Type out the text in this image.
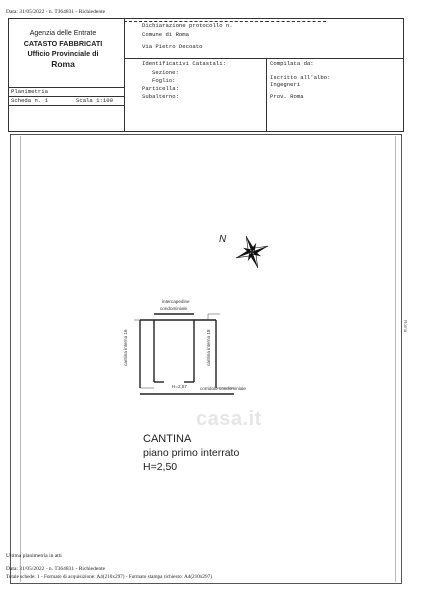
Data: 31/05/2022 - n. T364831 - Richiedente
Agenzia delle Entrate
CATASTO FABBRICATI
Ufficio Provinciale di
Roma
Dichiarazione protocollo n.
Comune di Roma
Via Pietro Decoato
Identificativi Catastali:
Sezione:
Foglio:
Particella:
Subalterno:
Compilata da:
Iscritto all'albo:
Ingegneri
Prov. Roma
Planimetria
Scheda n. 1	Scala 1:100
Roma
N
intercapedine
condominiale
cantina interno 16	cantina interno 18
H=2,57	corridoio condominiale
casa.it
CANTINA
piano primo interrato
H=2,50
Ultima planimetria in atti
Data: 31/05/2022 - n. T364831 - Richiedente
Totale schede: 1 - Formato di acquisizione: A4(210x297) - Formato stampa richiesto: A4(210x297)
